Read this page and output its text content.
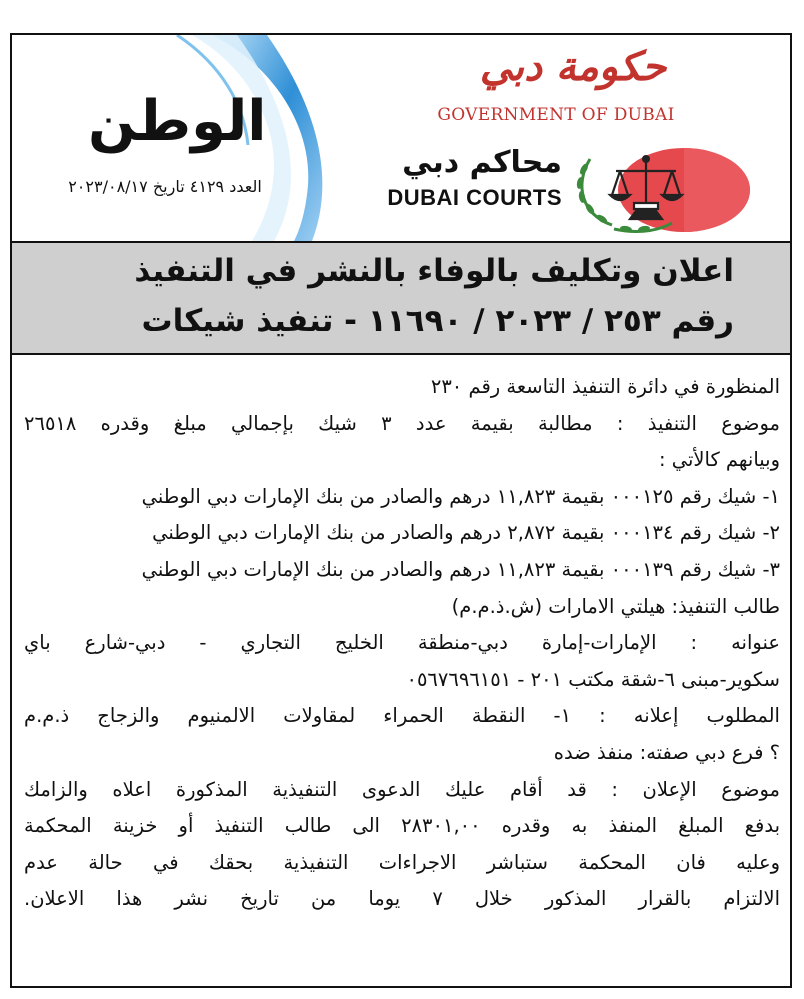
الوطن
العدد ٤١٢٩ تاريخ ٢٠٢٣/٠٨/١٧
حكومة دبي
GOVERNMENT OF DUBAI
محاكم دبي
DUBAI COURTS
اعلان وتكليف بالوفاء بالنشر في التنفيذ
رقم ٢٥٣ / ٢٠٢٣ / ١١٦٩٠ - تنفيذ شيكات
المنظورة في دائرة التنفيذ التاسعة رقم ٢٣٠
موضوع التنفيذ : مطالبة بقيمة عدد ٣ شيك بإجمالي مبلغ وقدره ٢٦٥١٨
وبيانهم كالأتي :
١- شيك رقم ٠٠٠١٢٥ بقيمة ١١,٨٢٣ درهم والصادر من بنك الإمارات دبي الوطني
٢- شيك رقم ٠٠٠١٣٤ بقيمة ٢,٨٧٢ درهم والصادر من بنك الإمارات دبي الوطني
٣- شيك رقم ٠٠٠١٣٩ بقيمة ١١,٨٢٣ درهم والصادر من بنك الإمارات دبي الوطني
طالب التنفيذ: هيلتي الامارات (ش.ذ.م.م)
عنوانه : الإمارات-إمارة دبي-منطقة الخليج التجاري - دبي-شارع باي
سكوير-مبنى ٦-شقة مكتب ٢٠١ - ٠٥٦٧٦٩٦١٥١
المطلوب إعلانه : ١- النقطة الحمراء لمقاولات الالمنيوم والزجاج ذ.م.م
؟ فرع دبي صفته: منفذ ضده
موضوع الإعلان : قد أقام عليك الدعوى التنفيذية المذكورة اعلاه والزامك
بدفع المبلغ المنفذ به وقدره ٢٨٣٠١,٠٠ الى طالب التنفيذ أو خزينة المحكمة
وعليه فان المحكمة ستباشر الاجراءات التنفيذية بحقك في حالة عدم
الالتزام بالقرار المذكور خلال ٧ يوما من تاريخ نشر هذا الاعلان.
